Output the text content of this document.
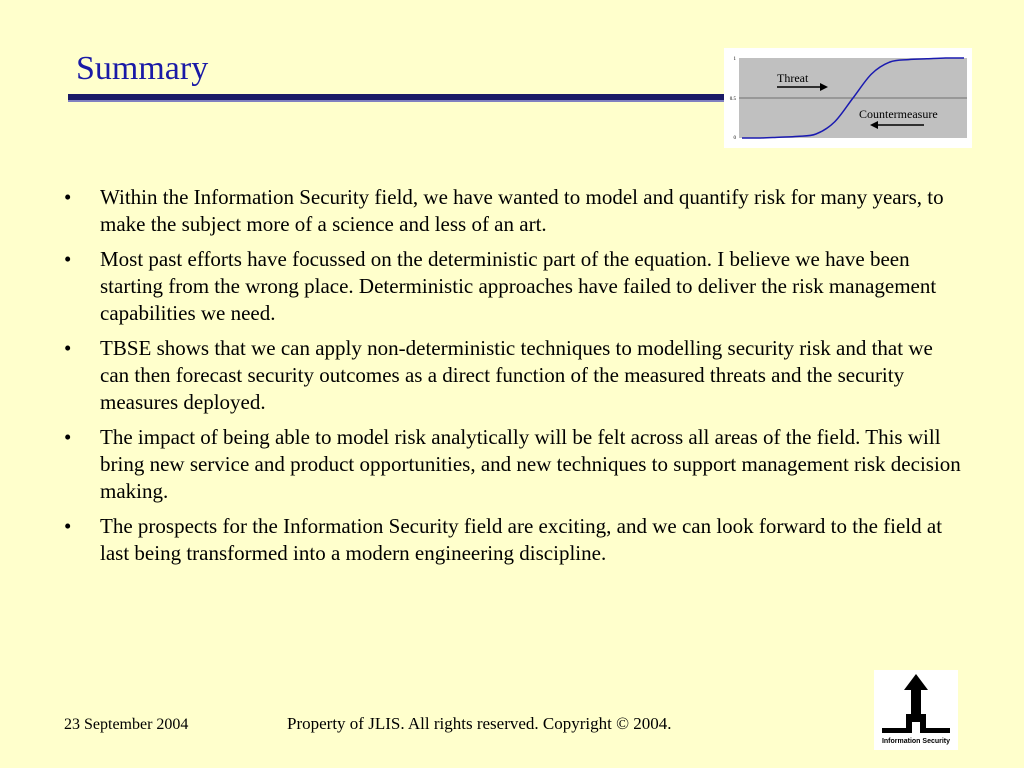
Summary	1
0.5
0
Threat
Countermeasure
• Within the Information Security field, we have wanted to model and quantify risk for many years, to make the subject more of a science and less of an art.
• Most past efforts have focussed on the deterministic part of the equation. I believe we have been starting from the wrong place. Deterministic approaches have failed to deliver the risk management capabilities we need.
• TBSE shows that we can apply non-deterministic techniques to modelling security risk and that we can then forecast security outcomes as a direct function of the measured threats and the security measures deployed.
• The impact of being able to model risk analytically will be felt across all areas of the field. This will bring new service and product opportunities, and new techniques to support management risk decision making.
• The prospects for the Information Security field are exciting, and we can look forward to the field at last being transformed into a modern engineering discipline.
23 September 2004	Property of JLIS. All rights reserved. Copyright © 2004.
Information Security
